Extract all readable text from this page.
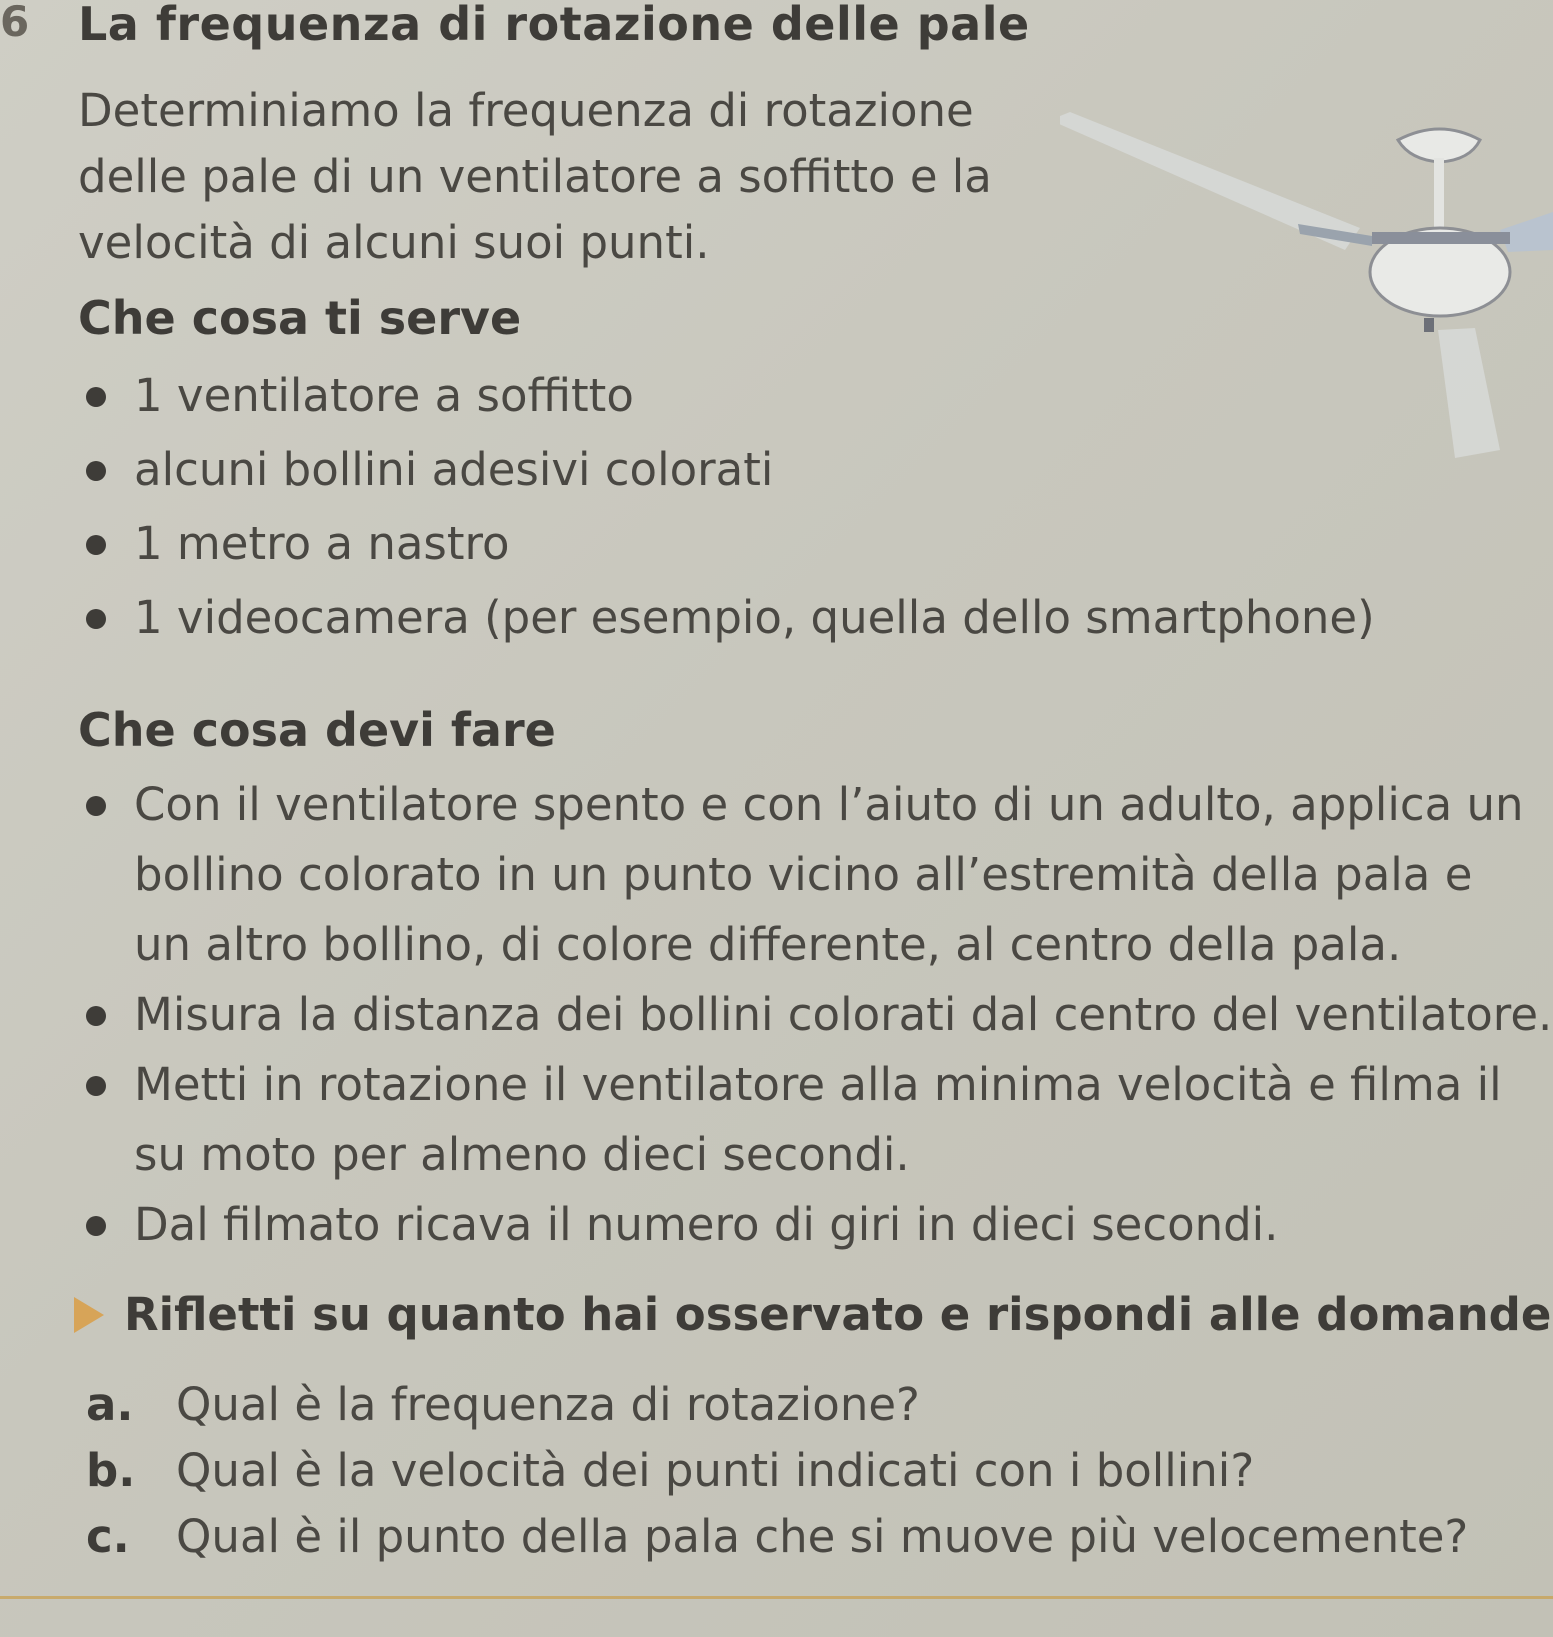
6 La frequenza di rotazione delle pale
Determiniamo la frequenza di rotazione delle pale di un ventilatore a soffitto e la velocità di alcuni suoi punti.
Che cosa ti serve
1 ventilatore a soffitto
alcuni bollini adesivi colorati
1 metro a nastro
1 videocamera (per esempio, quella dello smartphone)
Che cosa devi fare
Con il ventilatore spento e con l’aiuto di un adulto, applica un bollino colorato in un punto vicino all’estremità della pala e un altro bollino, di colore differente, al centro della pala.
Misura la distanza dei bollini colorati dal centro del ventilatore.
Metti in rotazione il ventilatore alla minima velocità e filma il su moto per almeno dieci secondi.
Dal filmato ricava il numero di giri in dieci secondi.
Rifletti su quanto hai osservato e rispondi alle domande
a. Qual è la frequenza di rotazione?
b. Qual è la velocità dei punti indicati con i bollini?
c. Qual è il punto della pala che si muove più velocemente?
